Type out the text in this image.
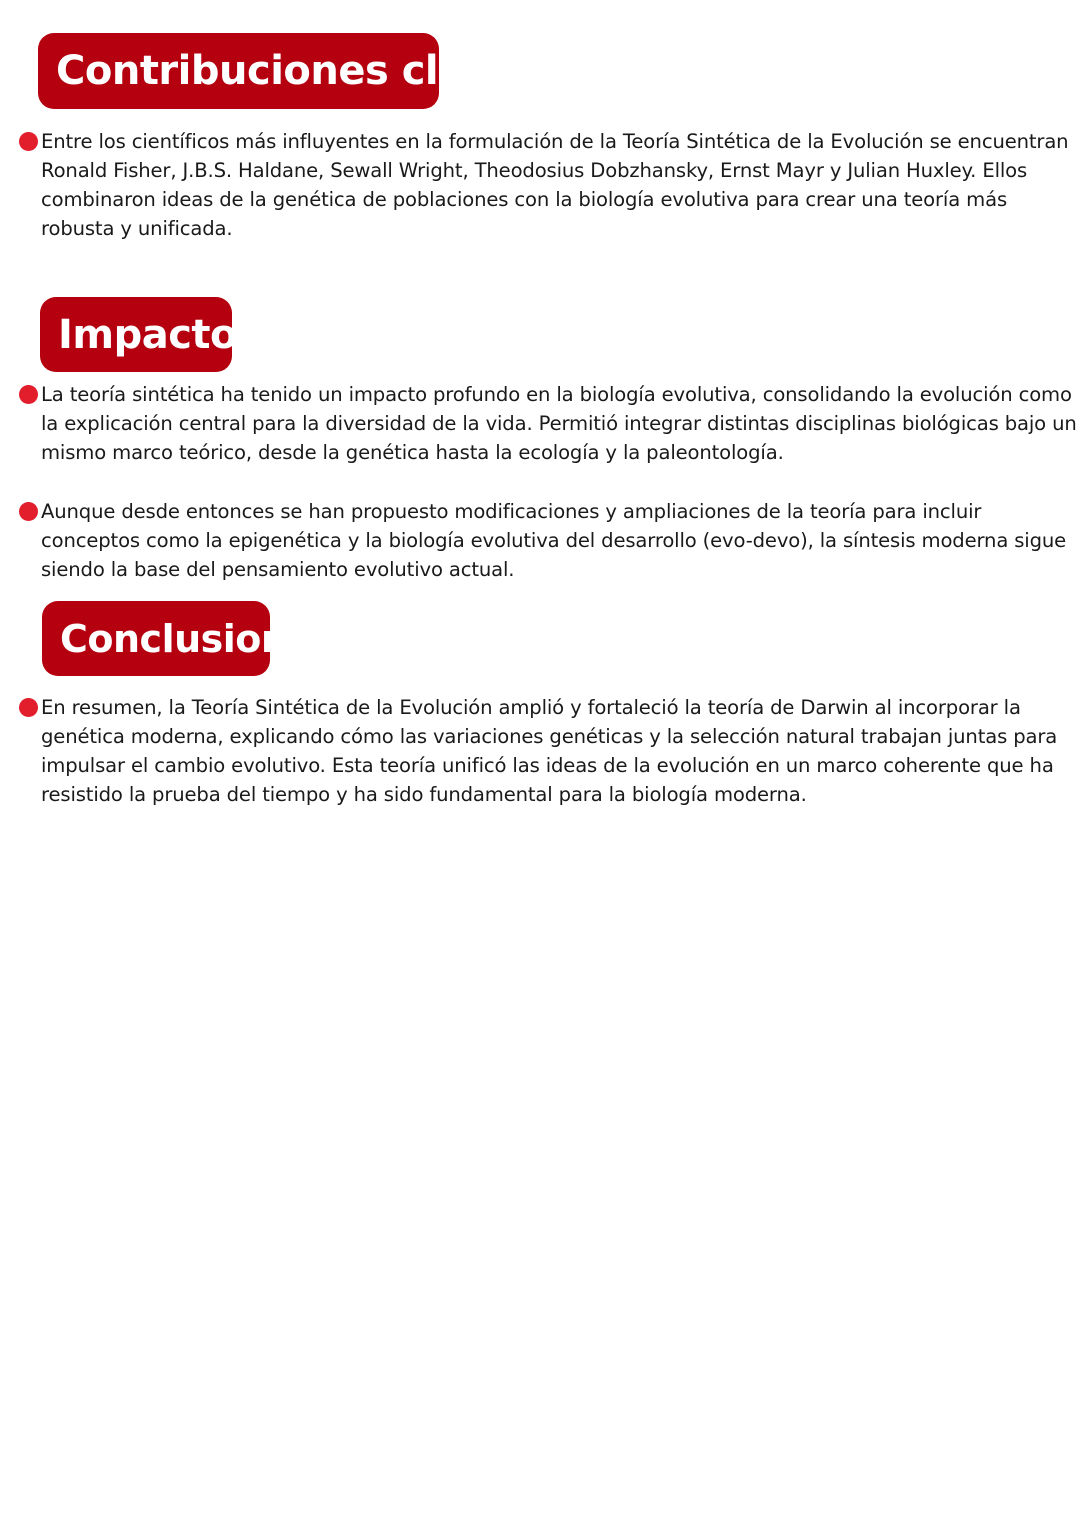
Contribuciones clave
Entre los científicos más influyentes en la formulación de la Teoría Sintética de la Evolución se encuentran Ronald Fisher, J.B.S. Haldane, Sewall Wright, Theodosius Dobzhansky, Ernst Mayr y Julian Huxley. Ellos combinaron ideas de la genética de poblaciones con la biología evolutiva para crear una teoría más robusta y unificada.
Impacto
La teoría sintética ha tenido un impacto profundo en la biología evolutiva, consolidando la evolución como la explicación central para la diversidad de la vida. Permitió integrar distintas disciplinas biológicas bajo un mismo marco teórico, desde la genética hasta la ecología y la paleontología.
Aunque desde entonces se han propuesto modificaciones y ampliaciones de la teoría para incluir conceptos como la epigenética y la biología evolutiva del desarrollo (evo-devo), la síntesis moderna sigue siendo la base del pensamiento evolutivo actual.
Conclusion
En resumen, la Teoría Sintética de la Evolución amplió y fortaleció la teoría de Darwin al incorporar la genética moderna, explicando cómo las variaciones genéticas y la selección natural trabajan juntas para impulsar el cambio evolutivo. Esta teoría unificó las ideas de la evolución en un marco coherente que ha resistido la prueba del tiempo y ha sido fundamental para la biología moderna.
